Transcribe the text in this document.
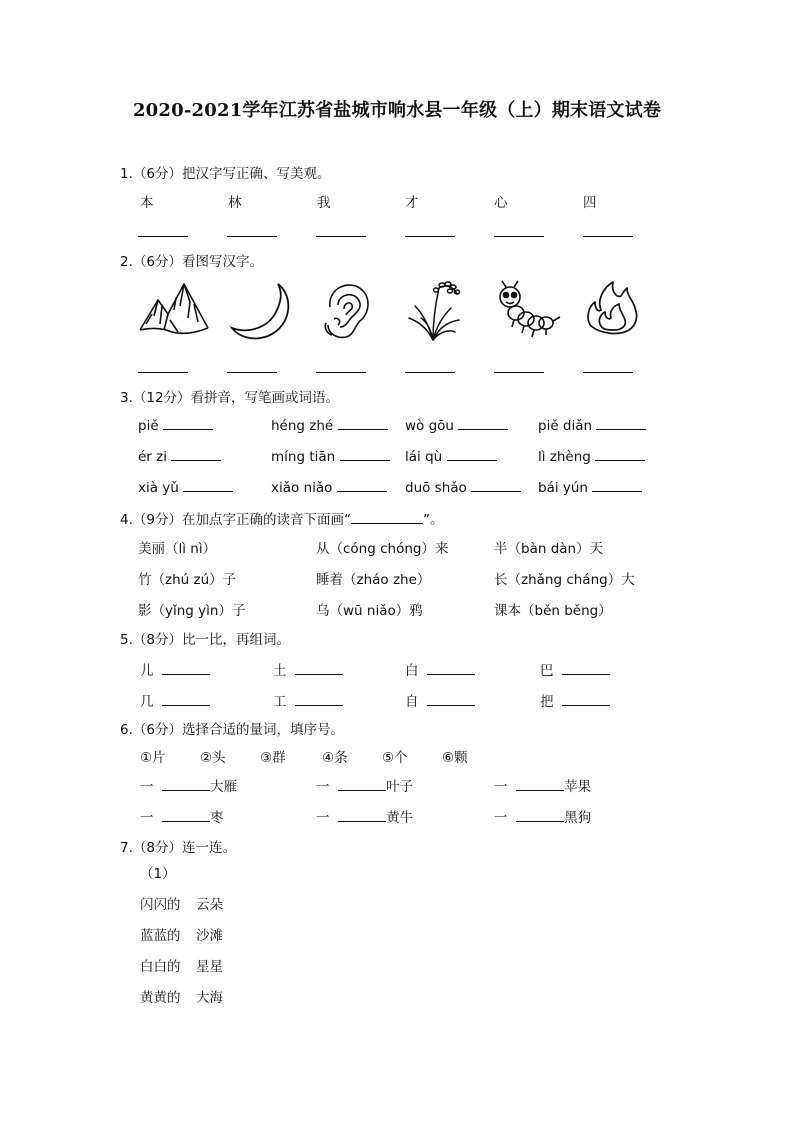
2020-2021学年江苏省盐城市响水县一年级（上）期末语文试卷
1.（6分）把汉字写正确、写美观。
本	林	我	才	心	四
2.（6分）看图写汉字。
3.（12分）看拼音，写笔画或词语。
piě	héng zhé	wò gōu	piě diǎn
ér zi	míng tiān	lái qù	lì zhèng
xià yǔ	xiǎo niǎo	duō shǎo	bái yún
4.（9分）在加点字正确的读音下面画“	”。
美丽（lì nì）	从（cóng chóng）来	半（bàn dàn）天
竹（zhú zú）子	睡着（zháo zhe）	长（zhǎng cháng）大
影（yǐng yìn）子	乌（wū niǎo）鸦	课本（běn běng）
5.（8分）比一比，再组词。
儿	土	白	巴
几	工	自	把
6.（6分）选择合适的量词，填序号。
①片	②头	③群	④条	⑤个	⑥颗
一	大雁	一	叶子	一	苹果
一	枣	一	黄牛	一	黑狗
7.（8分）连一连。
（1）
闪闪的 云朵
蓝蓝的 沙滩
白白的 星星
黄黄的 大海
